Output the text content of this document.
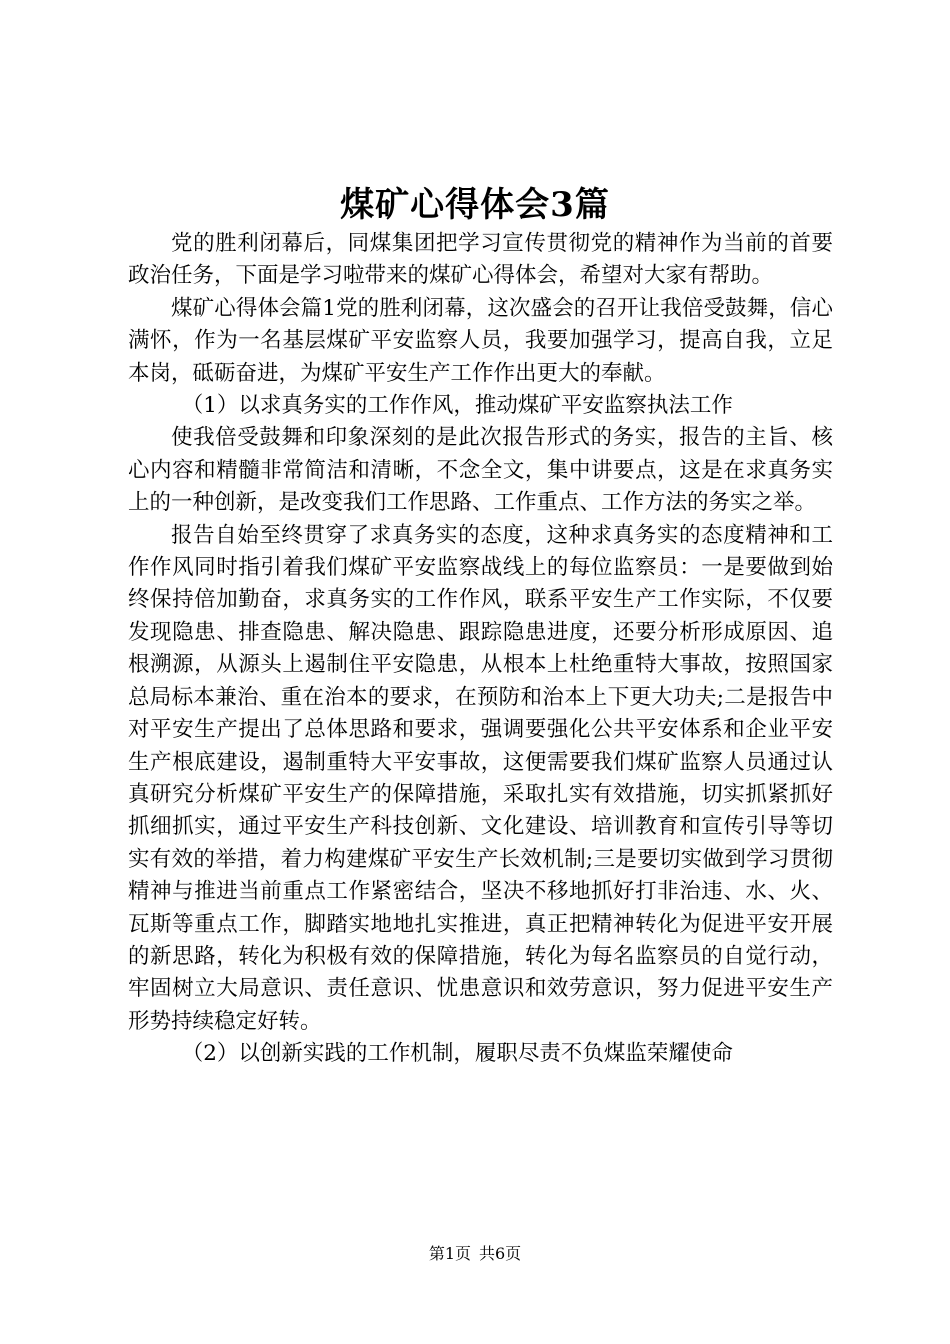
煤矿心得体会3篇

党的胜利闭幕后，同煤集团把学习宣传贯彻党的精神作为当前的首要政治任务，下面是学习啦带来的煤矿心得体会，希望对大家有帮助。

煤矿心得体会篇1党的胜利闭幕，这次盛会的召开让我倍受鼓舞，信心满怀，作为一名基层煤矿平安监察人员，我要加强学习，提高自我，立足本岗，砥砺奋进，为煤矿平安生产工作作出更大的奉献。

（1）以求真务实的工作作风，推动煤矿平安监察执法工作

使我倍受鼓舞和印象深刻的是此次报告形式的务实，报告的主旨、核心内容和精髓非常简洁和清晰，不念全文，集中讲要点，这是在求真务实上的一种创新，是改变我们工作思路、工作重点、工作方法的务实之举。

报告自始至终贯穿了求真务实的态度，这种求真务实的态度精神和工作作风同时指引着我们煤矿平安监察战线上的每位监察员：一是要做到始终保持倍加勤奋，求真务实的工作作风，联系平安生产工作实际，不仅要发现隐患、排查隐患、解决隐患、跟踪隐患进度，还要分析形成原因、追根溯源，从源头上遏制住平安隐患，从根本上杜绝重特大事故，按照国家总局标本兼治、重在治本的要求，在预防和治本上下更大功夫;二是报告中对平安生产提出了总体思路和要求，强调要强化公共平安体系和企业平安生产根底建设，遏制重特大平安事故，这便需要我们煤矿监察人员通过认真研究分析煤矿平安生产的保障措施，采取扎实有效措施，切实抓紧抓好抓细抓实，通过平安生产科技创新、文化建设、培训教育和宣传引导等切实有效的举措，着力构建煤矿平安生产长效机制;三是要切实做到学习贯彻精神与推进当前重点工作紧密结合，坚决不移地抓好打非治违、水、火、瓦斯等重点工作，脚踏实地地扎实推进，真正把精神转化为促进平安开展的新思路，转化为积极有效的保障措施，转化为每名监察员的自觉行动，牢固树立大局意识、责任意识、忧患意识和效劳意识，努力促进平安生产形势持续稳定好转。

（2）以创新实践的工作机制，履职尽责不负煤监荣耀使命

第1页 共6页
